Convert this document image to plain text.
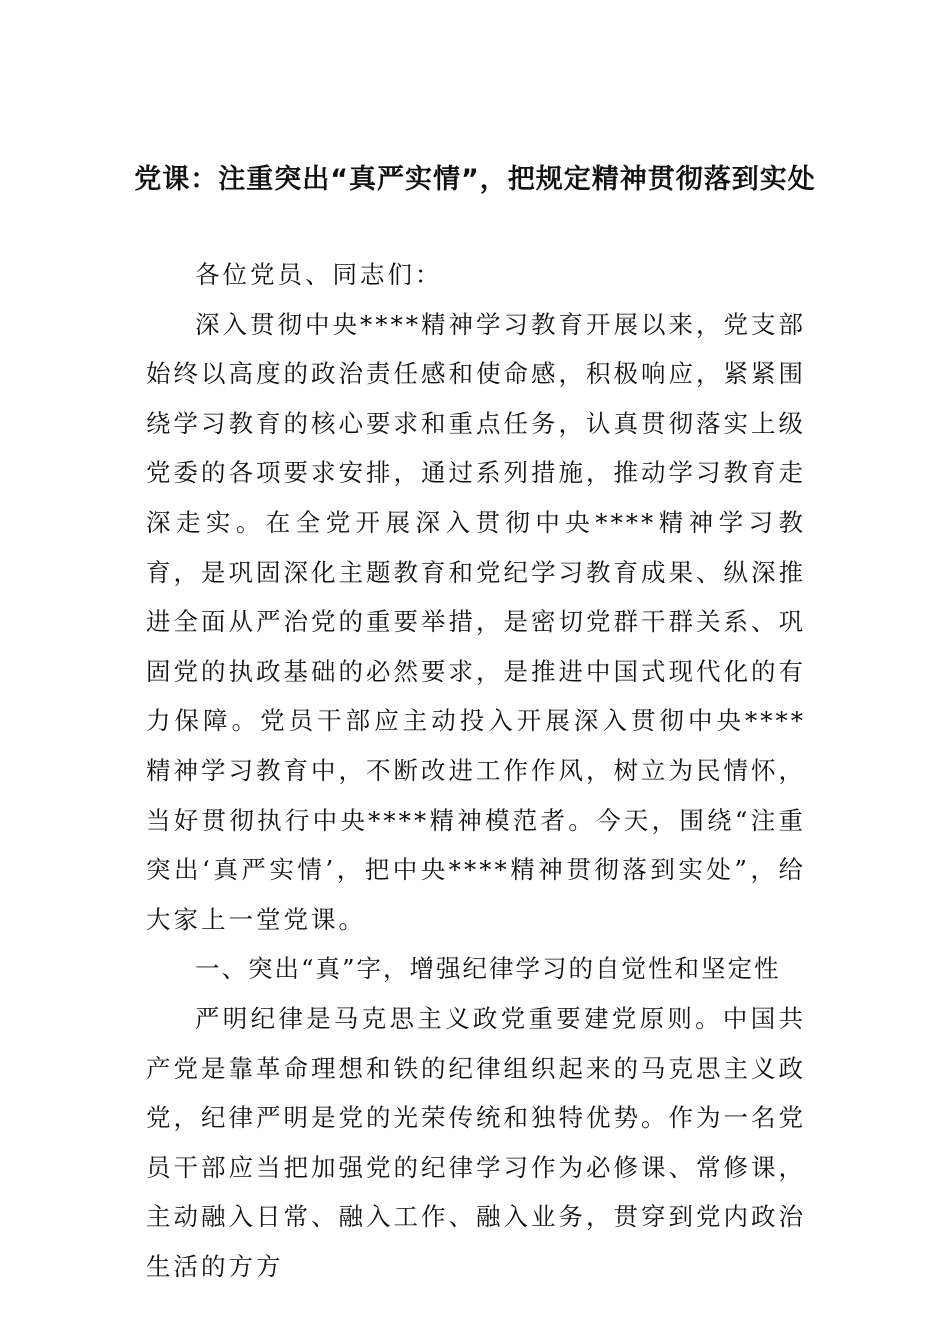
党课：注重突出“真严实情”，把规定精神贯彻落到实处

各位党员、同志们：

深入贯彻中央****精神学习教育开展以来，党支部始终以高度的政治责任感和使命感，积极响应，紧紧围绕学习教育的核心要求和重点任务，认真贯彻落实上级党委的各项要求安排，通过系列措施，推动学习教育走深走实。在全党开展深入贯彻中央****精神学习教育，是巩固深化主题教育和党纪学习教育成果、纵深推进全面从严治党的重要举措，是密切党群干群关系、巩固党的执政基础的必然要求，是推进中国式现代化的有力保障。党员干部应主动投入开展深入贯彻中央****精神学习教育中，不断改进工作作风，树立为民情怀，当好贯彻执行中央****精神模范者。今天，围绕“注重突出‘真严实情’，把中央****精神贯彻落到实处”，给大家上一堂党课。

一、突出“真”字，增强纪律学习的自觉性和坚定性

严明纪律是马克思主义政党重要建党原则。中国共产党是靠革命理想和铁的纪律组织起来的马克思主义政党，纪律严明是党的光荣传统和独特优势。作为一名党员干部应当把加强党的纪律学习作为必修课、常修课，主动融入日常、融入工作、融入业务，贯穿到党内政治生活的方方
